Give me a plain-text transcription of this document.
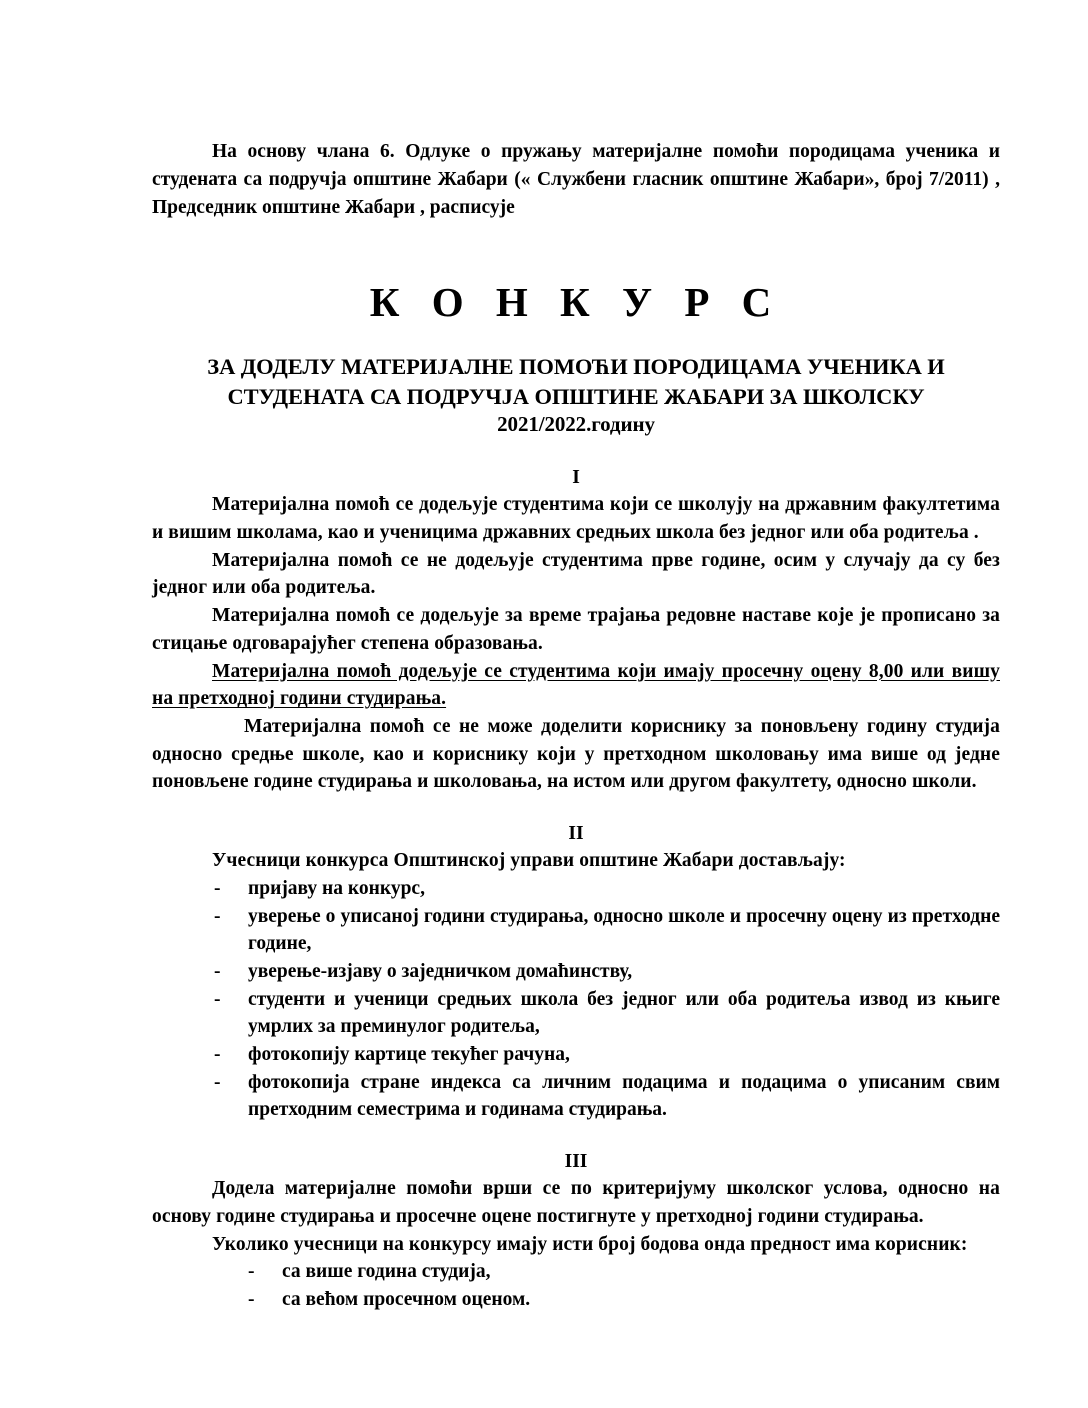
На основу члана 6. Одлуке о пружању материјалне помоћи породицама ученика и студената са подручја општине Жабари (« Службени гласник општине Жабари», број 7/2011) , Председник општине Жабари , расписује

К О Н К У Р С
ЗА ДОДЕЛУ МАТЕРИЈАЛНЕ ПОМОЋИ ПОРОДИЦАМА УЧЕНИКА И
СТУДЕНАТА СА ПОДРУЧЈА ОПШТИНЕ ЖАБАРИ ЗА ШКОЛСКУ
2021/2022.годину
I

Материјална помоћ се додељује студентима који се школују на државним факултетима и вишим школама, као и ученицима државних средњих школа без једног или оба родитеља .

Материјална помоћ се не додељује студентима прве године, осим у случају да су без једног или оба родитеља.

Материјална помоћ се додељује за време трајања редовне наставе које је прописано за стицање одговарајућег степена образовања.

Материјална помоћ додељује се студентима који имају просечну оцену 8,00 или вишу на претходној години студирања.

Материјална помоћ се не може доделити кориснику за поновљену годину студија односно средње школе, као и кориснику који у претходном школовању има више од једне поновљене године студирања и школовања, на истом или другом факултету, односно школи.

II

Учесници конкурса Општинској управи општине Жабари достављају:

- пријаву на конкурс,
- уверење о уписаној години студирања, односно школе и просечну оцену из претходне године,
- уверење-изјаву о заједничком домаћинству,
- студенти и ученици средњих школа без једног или оба родитеља извод из књиге умрлих за преминулог родитеља,
- фотокопију картице текућег рачуна,
- фотокопија стране индекса са личним подацима и подацима о уписаним свим претходним семестрима и годинама студирања.
III

Додела материјалне помоћи врши се по критеријуму школског услова, односно на основу године студирања и просечне оцене постигнуте у претходној години студирања.

Уколико учесници на конкурсу имају исти број бодова онда предност има корисник:

- са више година студија,
- са већом просечном оценом.
